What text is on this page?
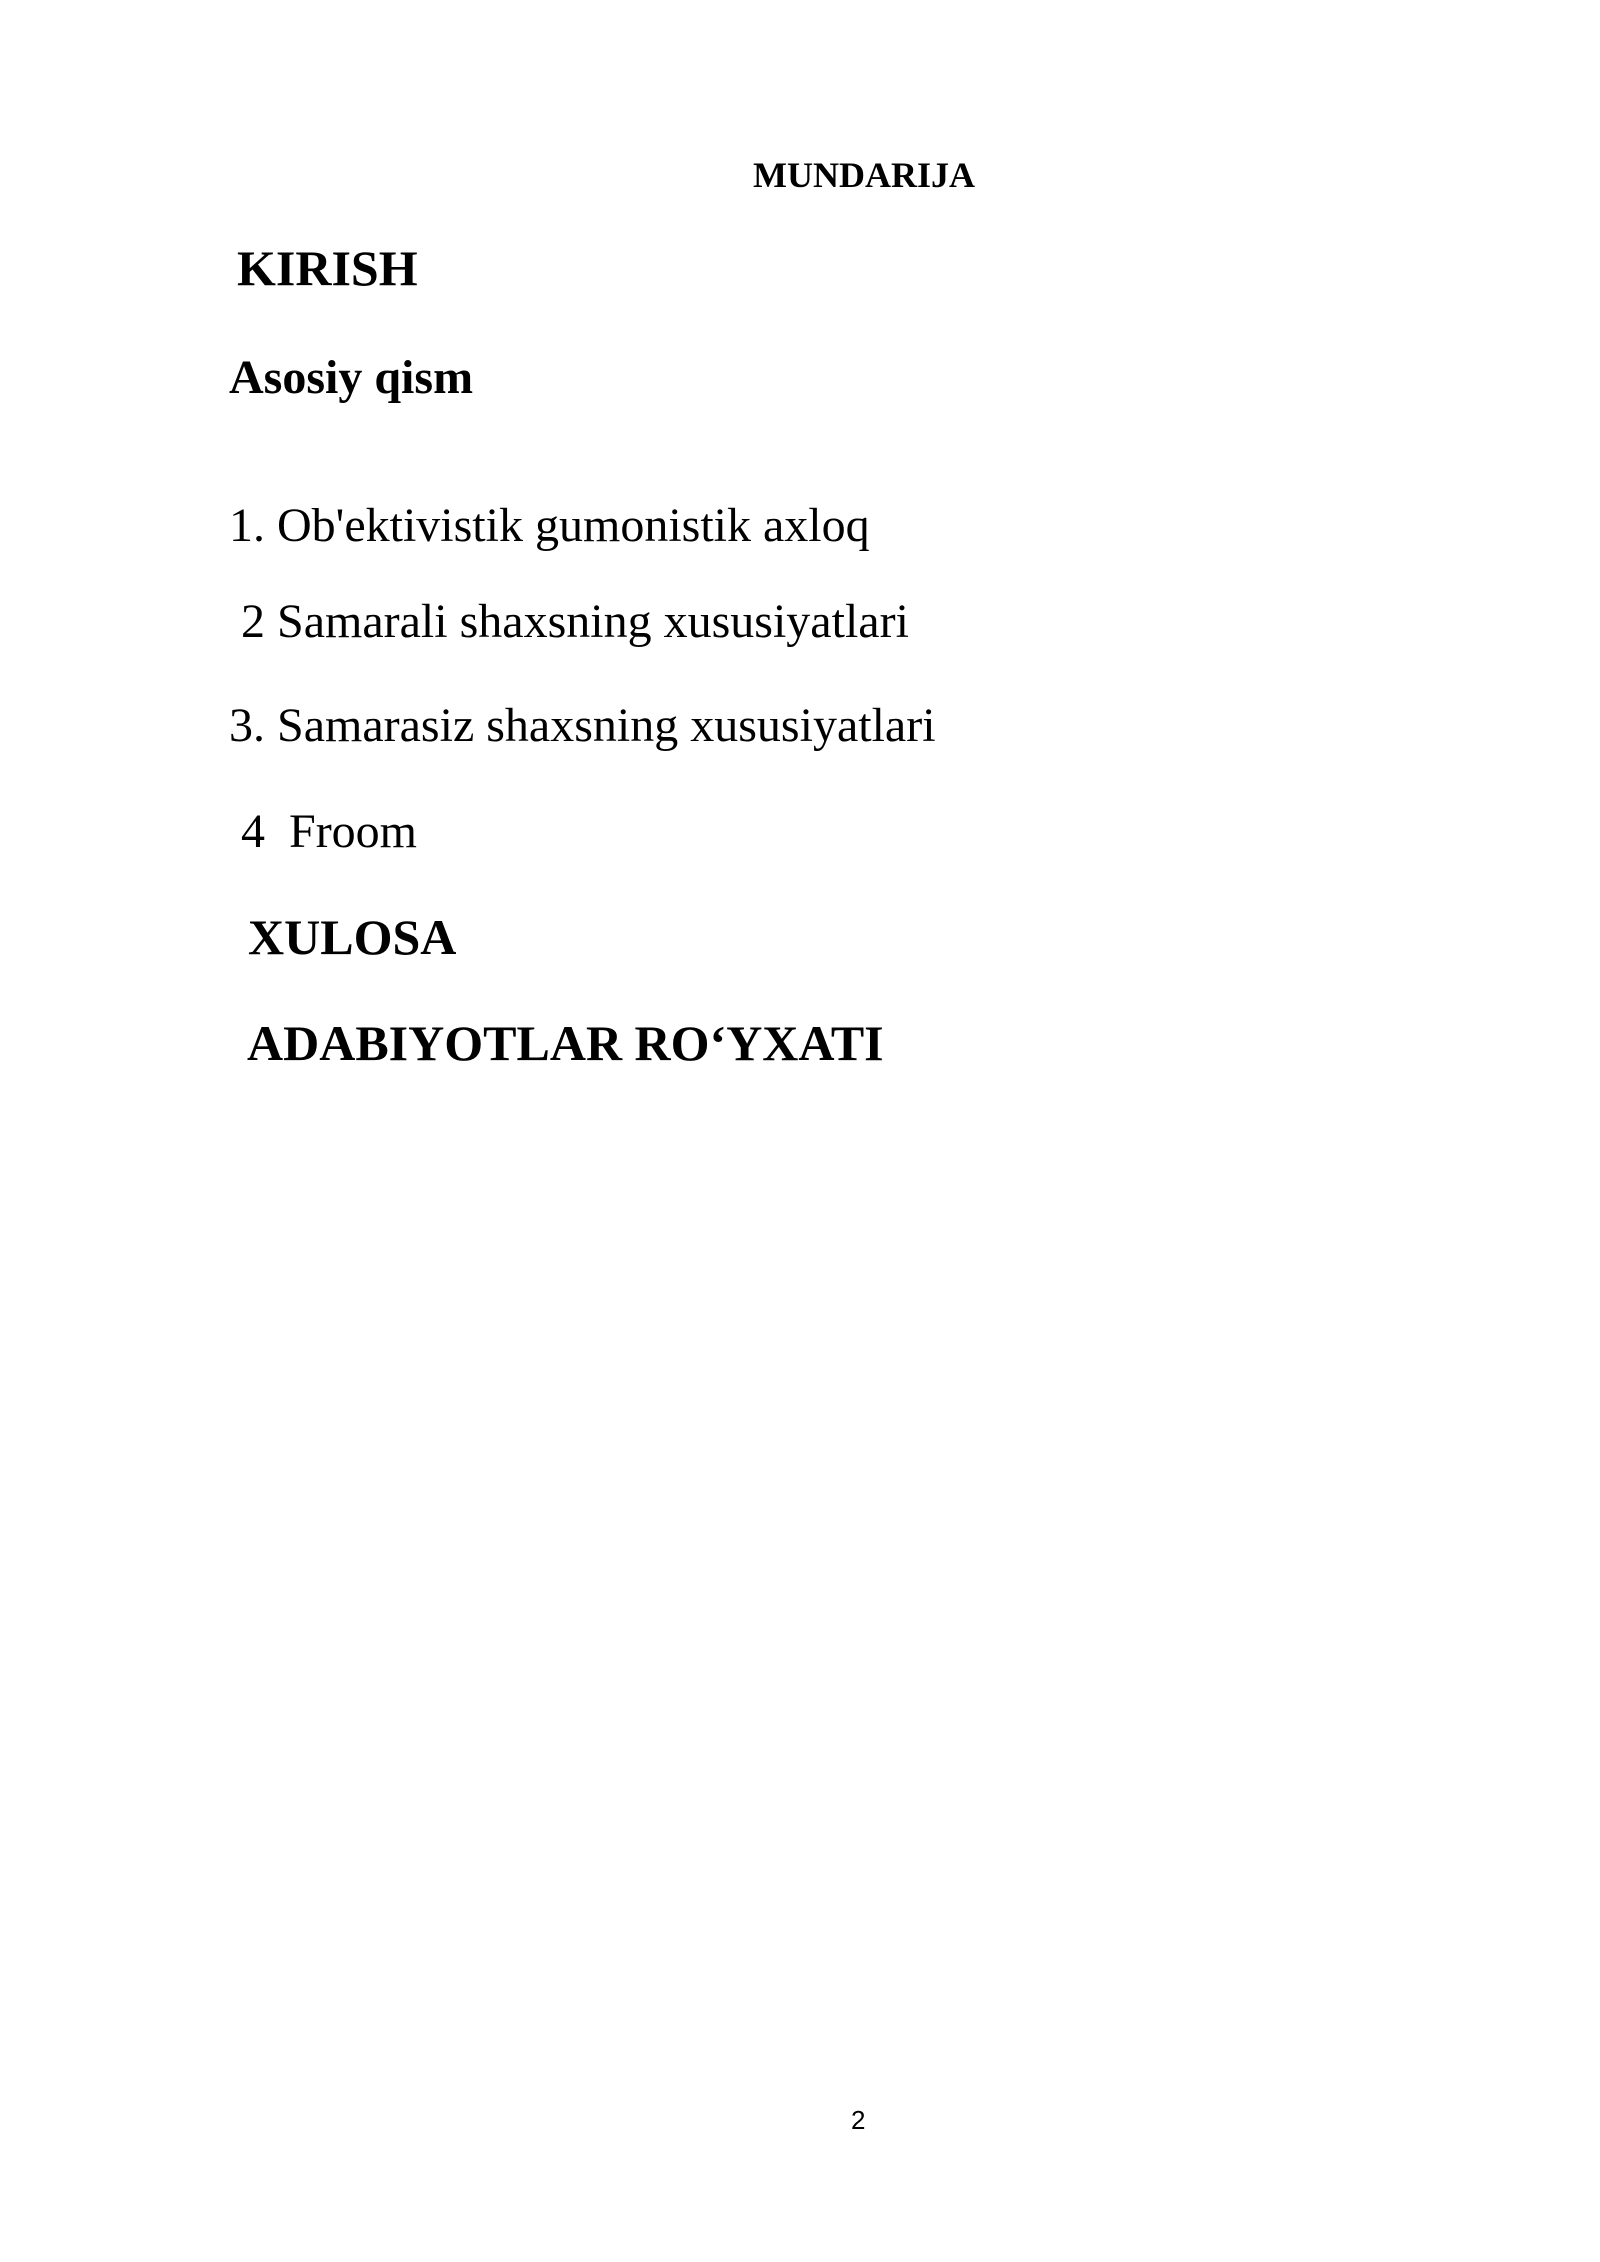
MUNDARIJA
KIRISH
Asosiy qism
1. Ob'ektivistik gumonistik axloq
2 Samarali shaxsning xususiyatlari
3. Samarasiz shaxsning xususiyatlari
4  Froom
XULOSA
ADABIYOTLAR RO‘YXATI
2
